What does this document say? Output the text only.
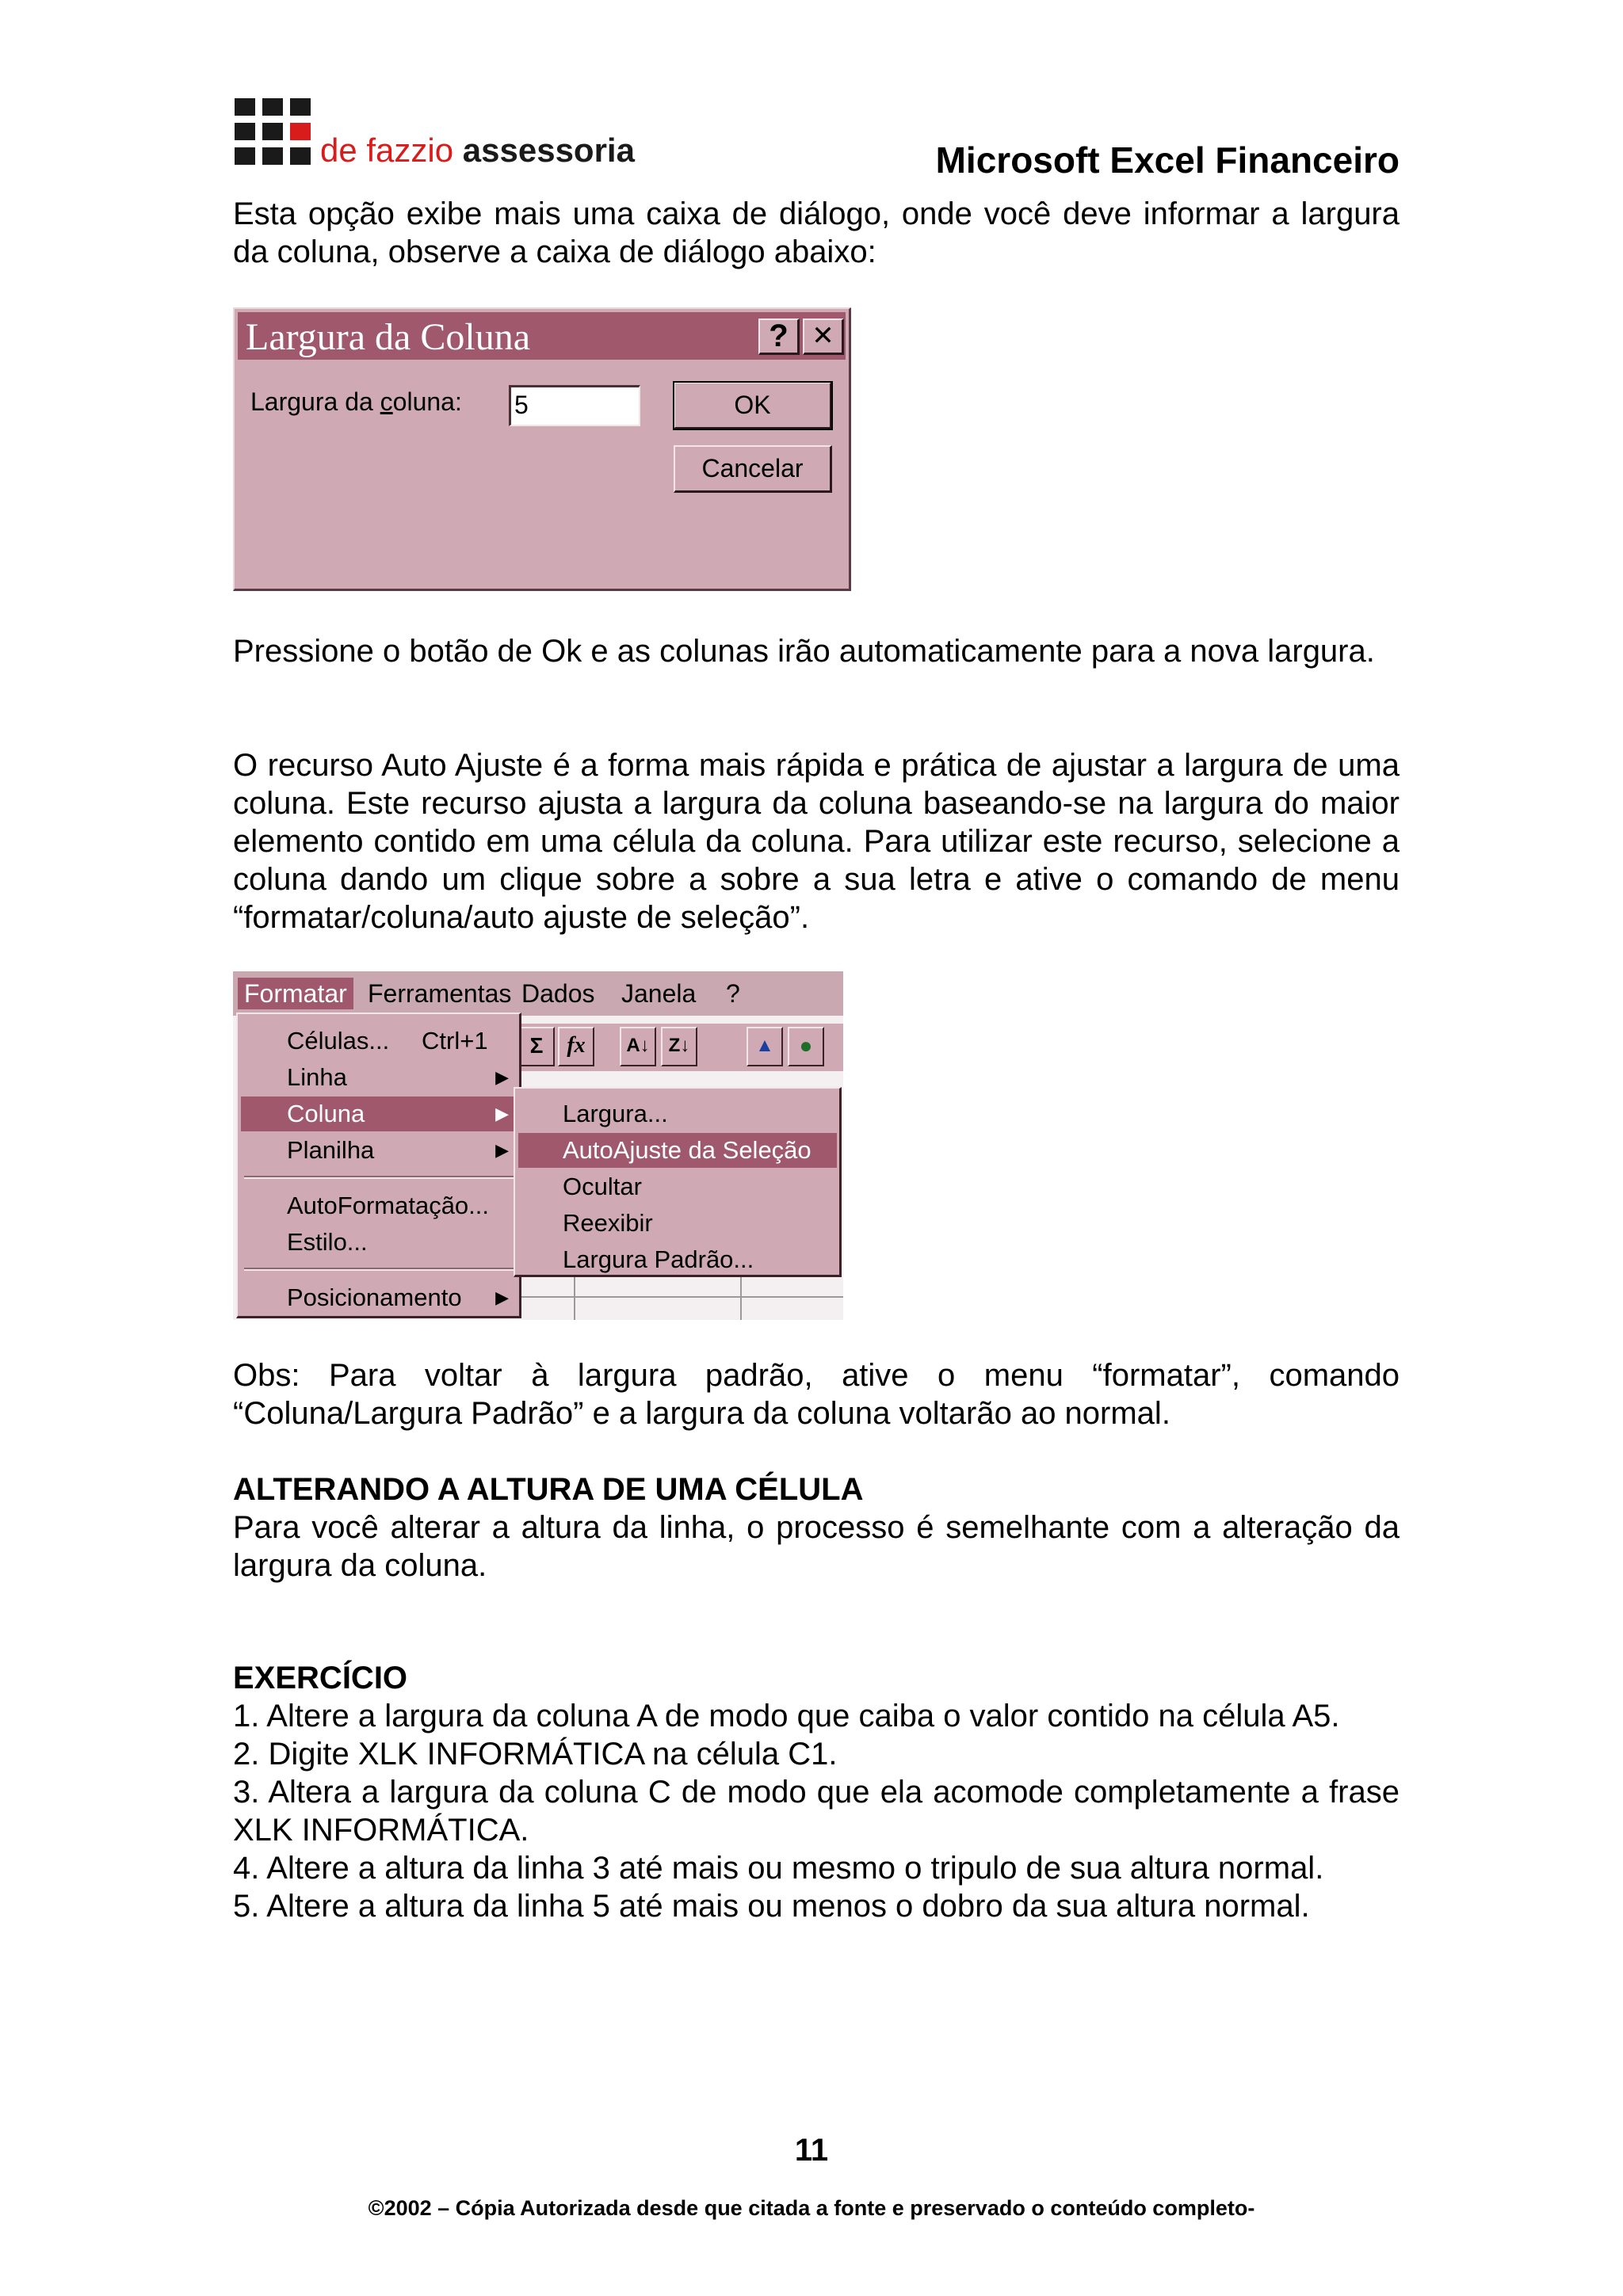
de fazzio assessoria	Microsoft Excel Financeiro

Esta opção exibe mais uma caixa de diálogo, onde você deve informar a largura da coluna, observe a caixa de diálogo abaixo:

Largura da Coluna	? ✕
Largura da coluna: 5	OK
Cancelar

Pressione o botão de Ok e as colunas irão automaticamente para a nova largura.

O recurso Auto Ajuste é a forma mais rápida e prática de ajustar a largura de uma coluna. Este recurso ajusta a largura da coluna baseando-se na largura do maior elemento contido em uma célula da coluna. Para utilizar este recurso, selecione a coluna dando um clique sobre a sobre a sua letra e ative o comando de menu “formatar/coluna/auto ajuste de seleção”.

Formatar Ferramentas Dados Janela ?
Σ	fx	A↓ Z↓	▲	●
Células... Ctrl+1
Linha	▶
Coluna	▶
Planilha	▶
AutoFormatação...
Estilo...
Posicionamento ▶
Largura...
AutoAjuste da Seleção
Ocultar
Reexibir
Largura Padrão...

Obs: Para voltar à largura padrão, ative o menu “formatar”, comando “Coluna/Largura Padrão” e a largura da coluna voltarão ao normal.

ALTERANDO A ALTURA DE UMA CÉLULA

Para você alterar a altura da linha, o processo é semelhante com a alteração da largura da coluna.

EXERCÍCIO

1. Altere a largura da coluna A de modo que caiba o valor contido na célula A5.

2. Digite XLK INFORMÁTICA na célula C1.

3. Altera a largura da coluna C de modo que ela acomode completamente a frase XLK INFORMÁTICA.

4. Altere a altura da linha 3 até mais ou mesmo o tripulo de sua altura normal.

5. Altere a altura da linha 5 até mais ou menos o dobro da sua altura normal.

11
©2002 – Cópia Autorizada desde que citada a fonte e preservado o conteúdo completo-
